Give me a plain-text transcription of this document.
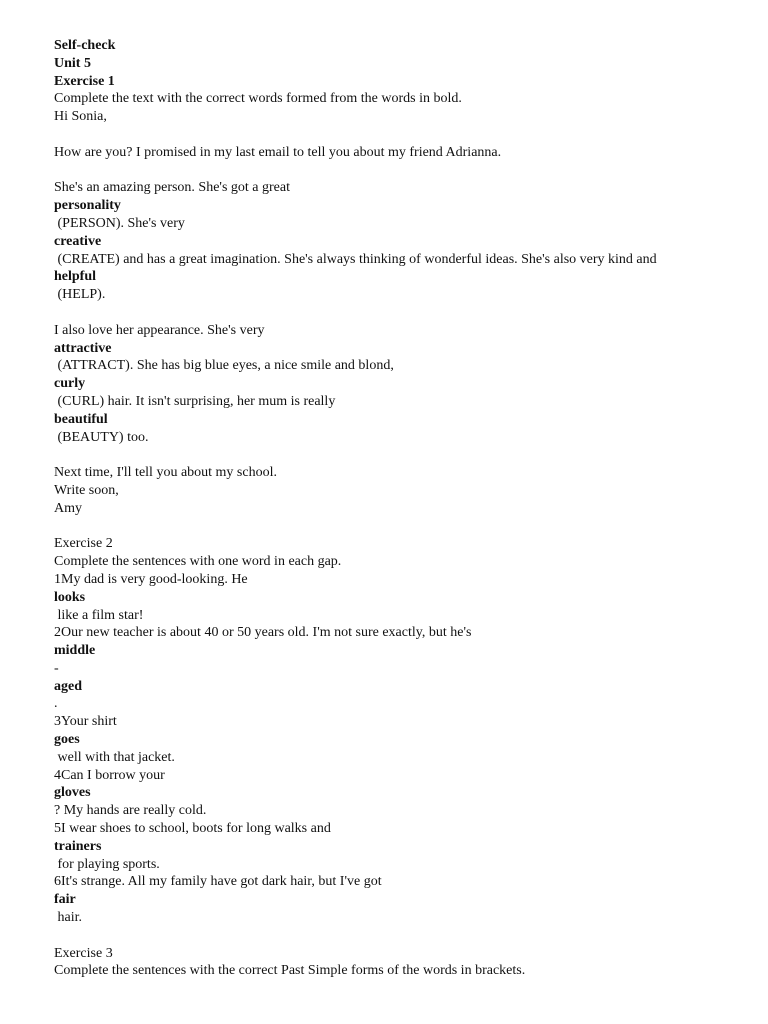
Self-check
Unit 5
Exercise 1
Complete the text with the correct words formed from the words in bold.
Hi Sonia,
How are you? I promised in my last email to tell you about my friend Adrianna.
She's an amazing person. She's got a great
personality
(PERSON). She's very
creative
(CREATE) and has a great imagination. She's always thinking of wonderful ideas. She's also very kind and
helpful
(HELP).
I also love her appearance. She's very
attractive
(ATTRACT). She has big blue eyes, a nice smile and blond,
curly
(CURL) hair. It isn't surprising, her mum is really
beautiful
(BEAUTY) too.
Next time, I'll tell you about my school.
Write soon,
Amy
Exercise 2
Complete the sentences with one word in each gap.
1My dad is very good-looking. He
looks
like a film star!
2Our new teacher is about 40 or 50 years old. I'm not sure exactly, but he's
middle
-
aged
.
3Your shirt
goes
well with that jacket.
4Can I borrow your
gloves
? My hands are really cold.
5I wear shoes to school, boots for long walks and
trainers
for playing sports.
6It's strange. All my family have got dark hair, but I've got
fair
hair.
Exercise 3
Complete the sentences with the correct Past Simple forms of the words in brackets.
